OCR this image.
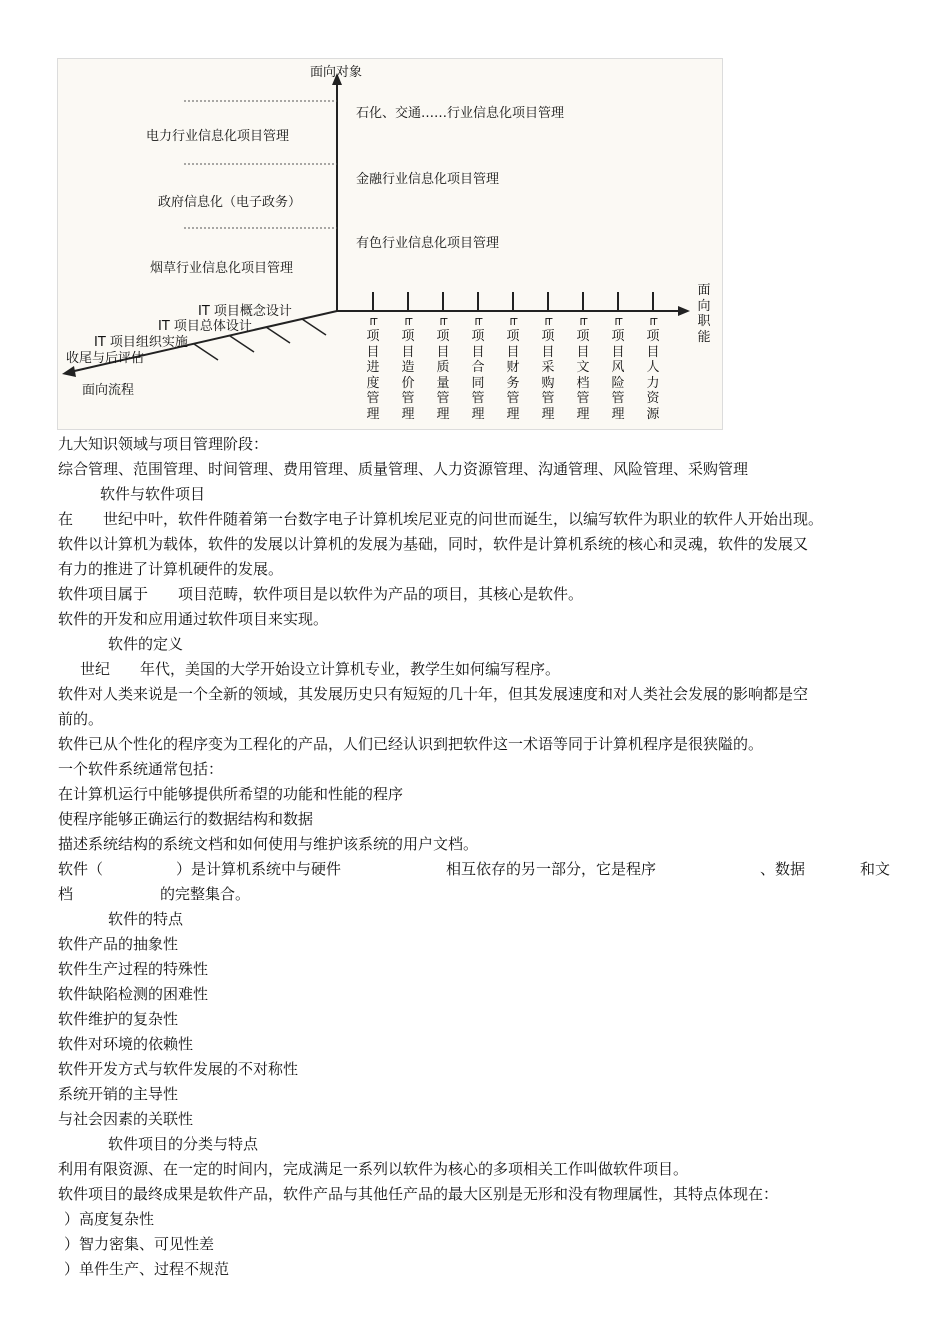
面向对象
面向流程
面向职能
电力行业信息化项目管理
政府信息化（电子政务）
烟草行业信息化项目管理
石化、交通……行业信息化项目管理
金融行业信息化项目管理
有色行业信息化项目管理
IT 项目概念设计
IT 项目总体设计
IT 项目组织实施
收尾与后评估
IT
项目进度管理
IT
项目造价管理
IT
项目质量管理
IT
项目合同管理
IT
项目财务管理
IT
项目采购管理
IT
项目文档管理
IT
项目风险管理
IT
项目人力资源
九大知识领域与项目管理阶段：
综合管理、范围管理、时间管理、费用管理、质量管理、人力资源管理、沟通管理、风险管理、采购管理
软件与软件项目
在　　世纪中叶，软件件随着第一台数字电子计算机埃尼亚克的问世而诞生，以编写软件为职业的软件人开始出现。
软件以计算机为载体，软件的发展以计算机的发展为基础，同时，软件是计算机系统的核心和灵魂，软件的发展又
有力的推进了计算机硬件的发展。
软件项目属于　　项目范畴，软件项目是以软件为产品的项目，其核心是软件。
软件的开发和应用通过软件项目来实现。
软件的定义
世纪　　年代，美国的大学开始设立计算机专业，教学生如何编写程序。
软件对人类来说是一个全新的领域，其发展历史只有短短的几十年，但其发展速度和对人类社会发展的影响都是空
前的。
软件已从个性化的程序变为工程化的产品，人们已经认识到把软件这一术语等同于计算机程序是很狭隘的。
一个软件系统通常包括：
在计算机运行中能够提供所希望的功能和性能的程序
使程序能够正确运行的数据结构和数据
描述系统结构的系统文档和如何使用与维护该系统的用户文档。
软件（	）是计算机系统中与硬件	相互依存的另一部分，它是程序	、数据	和文
档	的完整集合。
软件的特点
软件产品的抽象性
软件生产过程的特殊性
软件缺陷检测的困难性
软件维护的复杂性
软件对环境的依赖性
软件开发方式与软件发展的不对称性
系统开销的主导性
与社会因素的关联性
软件项目的分类与特点
利用有限资源、在一定的时间内，完成满足一系列以软件为核心的多项相关工作叫做软件项目。
软件项目的最终成果是软件产品，软件产品与其他任产品的最大区别是无形和没有物理属性，其特点体现在：
）高度复杂性
）智力密集、可见性差
）单件生产、过程不规范
